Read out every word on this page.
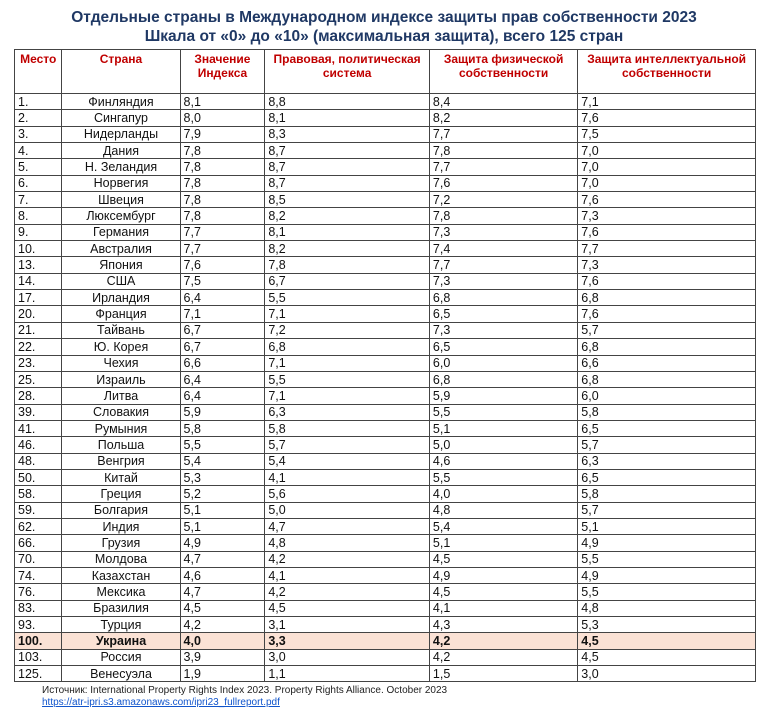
Отдельные страны в Международном индексе защиты прав собственности 2023
Шкала от «0» до «10» (максимальная защита), всего 125 стран
Место	Страна	Значение Индекса	Правовая, политическая система	Защита физической собственности	Защита интеллектуальной собственности
1.	Финляндия	8,1	8,8	8,4	7,1
2.	Сингапур	8,0	8,1	8,2	7,6
3.	Нидерланды	7,9	8,3	7,7	7,5
4.	Дания	7,8	8,7	7,8	7,0
5.	Н. Зеландия	7,8	8,7	7,7	7,0
6.	Норвегия	7,8	8,7	7,6	7,0
7.	Швеция	7,8	8,5	7,2	7,6
8.	Люксембург	7,8	8,2	7,8	7,3
9.	Германия	7,7	8,1	7,3	7,6
10.	Австралия	7,7	8,2	7,4	7,7
13.	Япония	7,6	7,8	7,7	7,3
14.	США	7,5	6,7	7,3	7,6
17.	Ирландия	6,4	5,5	6,8	6,8
20.	Франция	7,1	7,1	6,5	7,6
21.	Тайвань	6,7	7,2	7,3	5,7
22.	Ю. Корея	6,7	6,8	6,5	6,8
23.	Чехия	6,6	7,1	6,0	6,6
25.	Израиль	6,4	5,5	6,8	6,8
28.	Литва	6,4	7,1	5,9	6,0
39.	Словакия	5,9	6,3	5,5	5,8
41.	Румыния	5,8	5,8	5,1	6,5
46.	Польша	5,5	5,7	5,0	5,7
48.	Венгрия	5,4	5,4	4,6	6,3
50.	Китай	5,3	4,1	5,5	6,5
58.	Греция	5,2	5,6	4,0	5,8
59.	Болгария	5,1	5,0	4,8	5,7
62.	Индия	5,1	4,7	5,4	5,1
66.	Грузия	4,9	4,8	5,1	4,9
70.	Молдова	4,7	4,2	4,5	5,5
74.	Казахстан	4,6	4,1	4,9	4,9
76.	Мексика	4,7	4,2	4,5	5,5
83.	Бразилия	4,5	4,5	4,1	4,8
93.	Турция	4,2	3,1	4,3	5,3
100.	Украина	4,0	3,3	4,2	4,5
103.	Россия	3,9	3,0	4,2	4,5
125.	Венесуэла	1,9	1,1	1,5	3,0
Источник: International Property Rights Index 2023. Property Rights Alliance. October 2023
https://atr-ipri.s3.amazonaws.com/ipri23_fullreport.pdf
